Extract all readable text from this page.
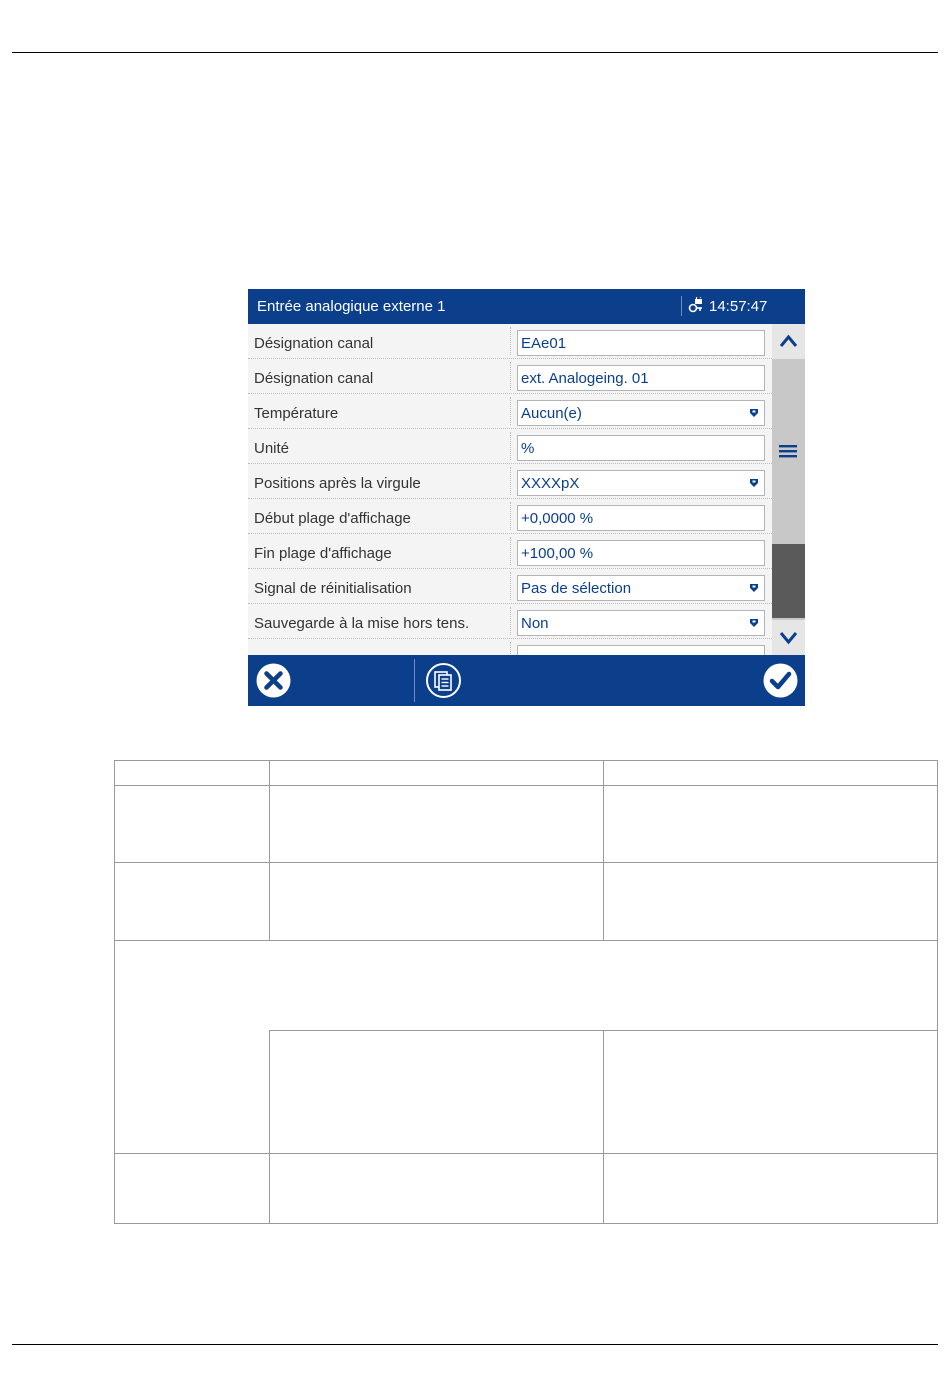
Entrée analogique externe 1	14:57:47
Désignation canal	EAe01
Désignation canal	ext. Analogeing. 01
Température	Aucun(e)
Unité	%
Positions après la virgule	XXXXpX
Début plage d'affichage	+0,0000 %
Fin plage d'affichage	+100,00 %
Signal de réinitialisation	Pas de sélection
Sauvegarde à la mise hors tens.	Non
